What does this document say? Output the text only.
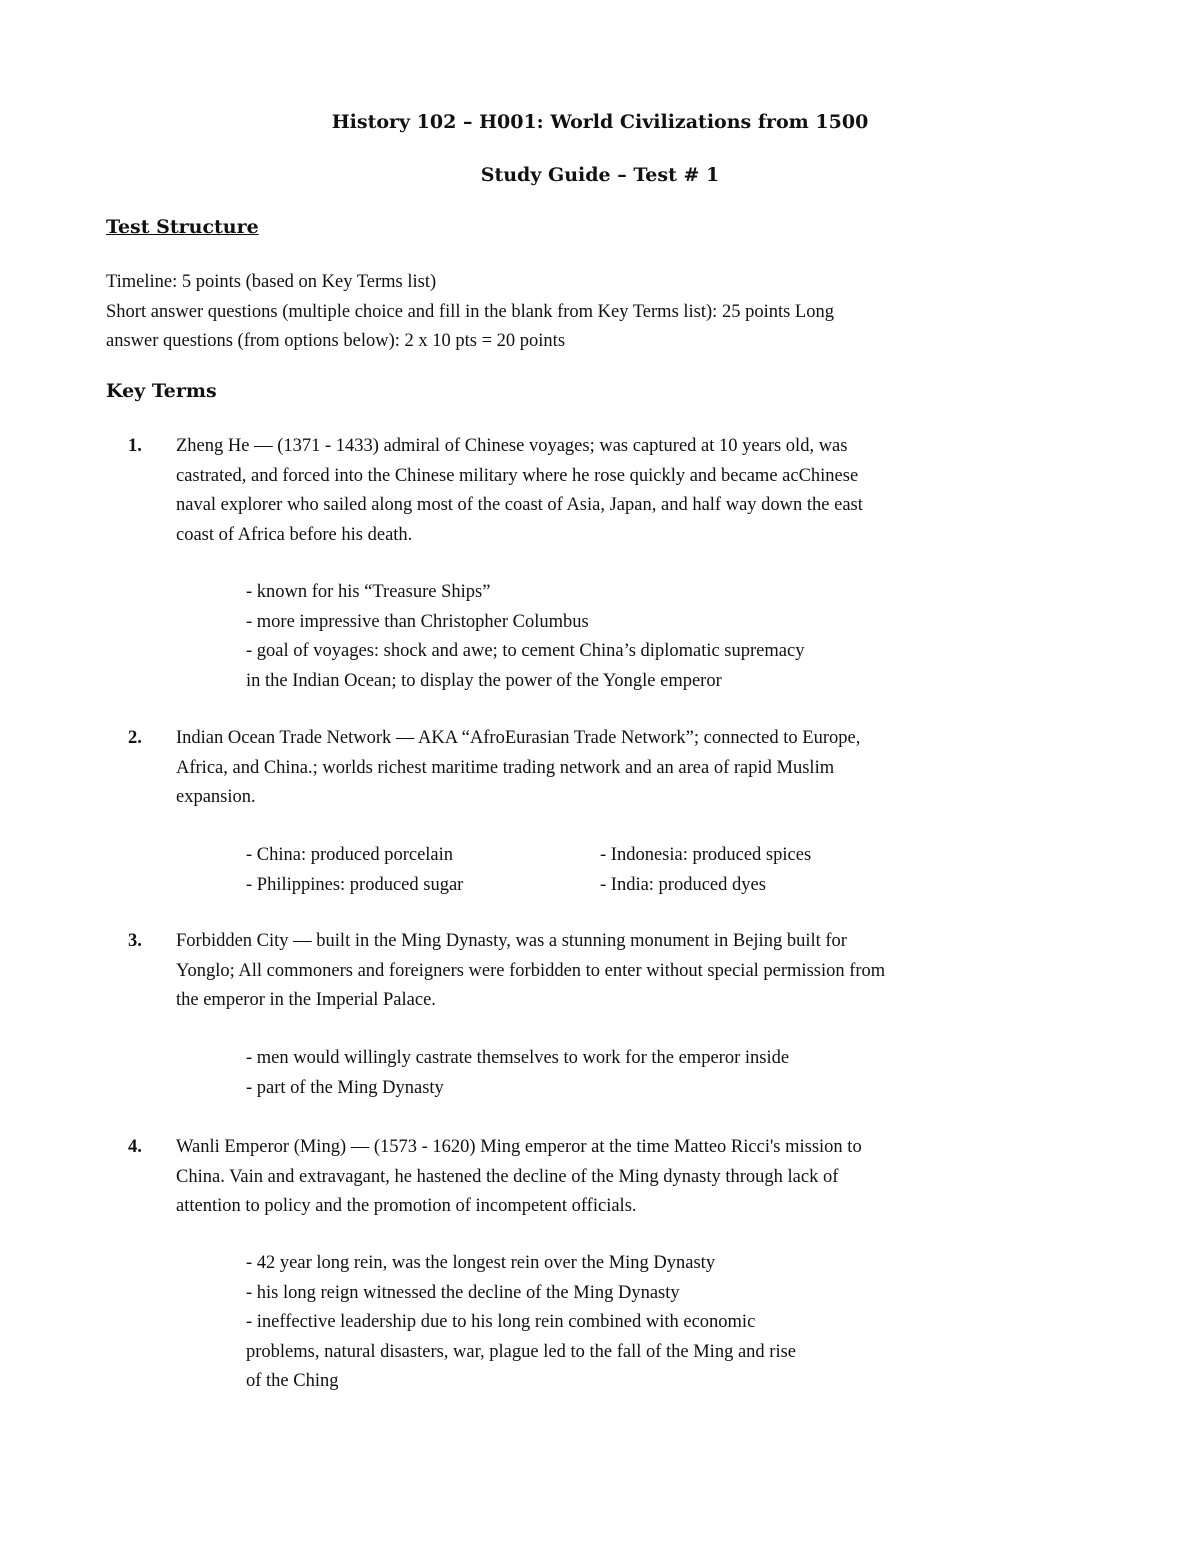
History 102 – H001: World Civilizations from 1500
Study Guide – Test # 1
Test Structure
Timeline: 5 points (based on Key Terms list)
Short answer questions (multiple choice and fill in the blank from Key Terms list): 25 points Long
answer questions (from options below): 2 x 10 pts = 20 points
Key Terms
1. Zheng He — (1371 - 1433) admiral of Chinese voyages; was captured at 10 years old, was
castrated, and forced into the Chinese military where he rose quickly and became acChinese
naval explorer who sailed along most of the coast of Asia, Japan, and half way down the east
coast of Africa before his death.
- known for his “Treasure Ships”
- more impressive than Christopher Columbus
- goal of voyages: shock and awe; to cement China’s diplomatic supremacy
in the Indian Ocean; to display the power of the Yongle emperor
2. Indian Ocean Trade Network — AKA “AfroEurasian Trade Network”; connected to Europe,
Africa, and China.; worlds richest maritime trading network and an area of rapid Muslim
expansion.
- China: produced porcelain
- Philippines: produced sugar
- Indonesia: produced spices
- India: produced dyes
3. Forbidden City — built in the Ming Dynasty, was a stunning monument in Bejing built for
Yonglo; All commoners and foreigners were forbidden to enter without special permission from
the emperor in the Imperial Palace.
- men would willingly castrate themselves to work for the emperor inside
- part of the Ming Dynasty
4. Wanli Emperor (Ming) — (1573 - 1620) Ming emperor at the time Matteo Ricci's mission to
China. Vain and extravagant, he hastened the decline of the Ming dynasty through lack of
attention to policy and the promotion of incompetent officials.
- 42 year long rein, was the longest rein over the Ming Dynasty
- his long reign witnessed the decline of the Ming Dynasty
- ineffective leadership due to his long rein combined with economic
problems, natural disasters, war, plague led to the fall of the Ming and rise
of the Ching
